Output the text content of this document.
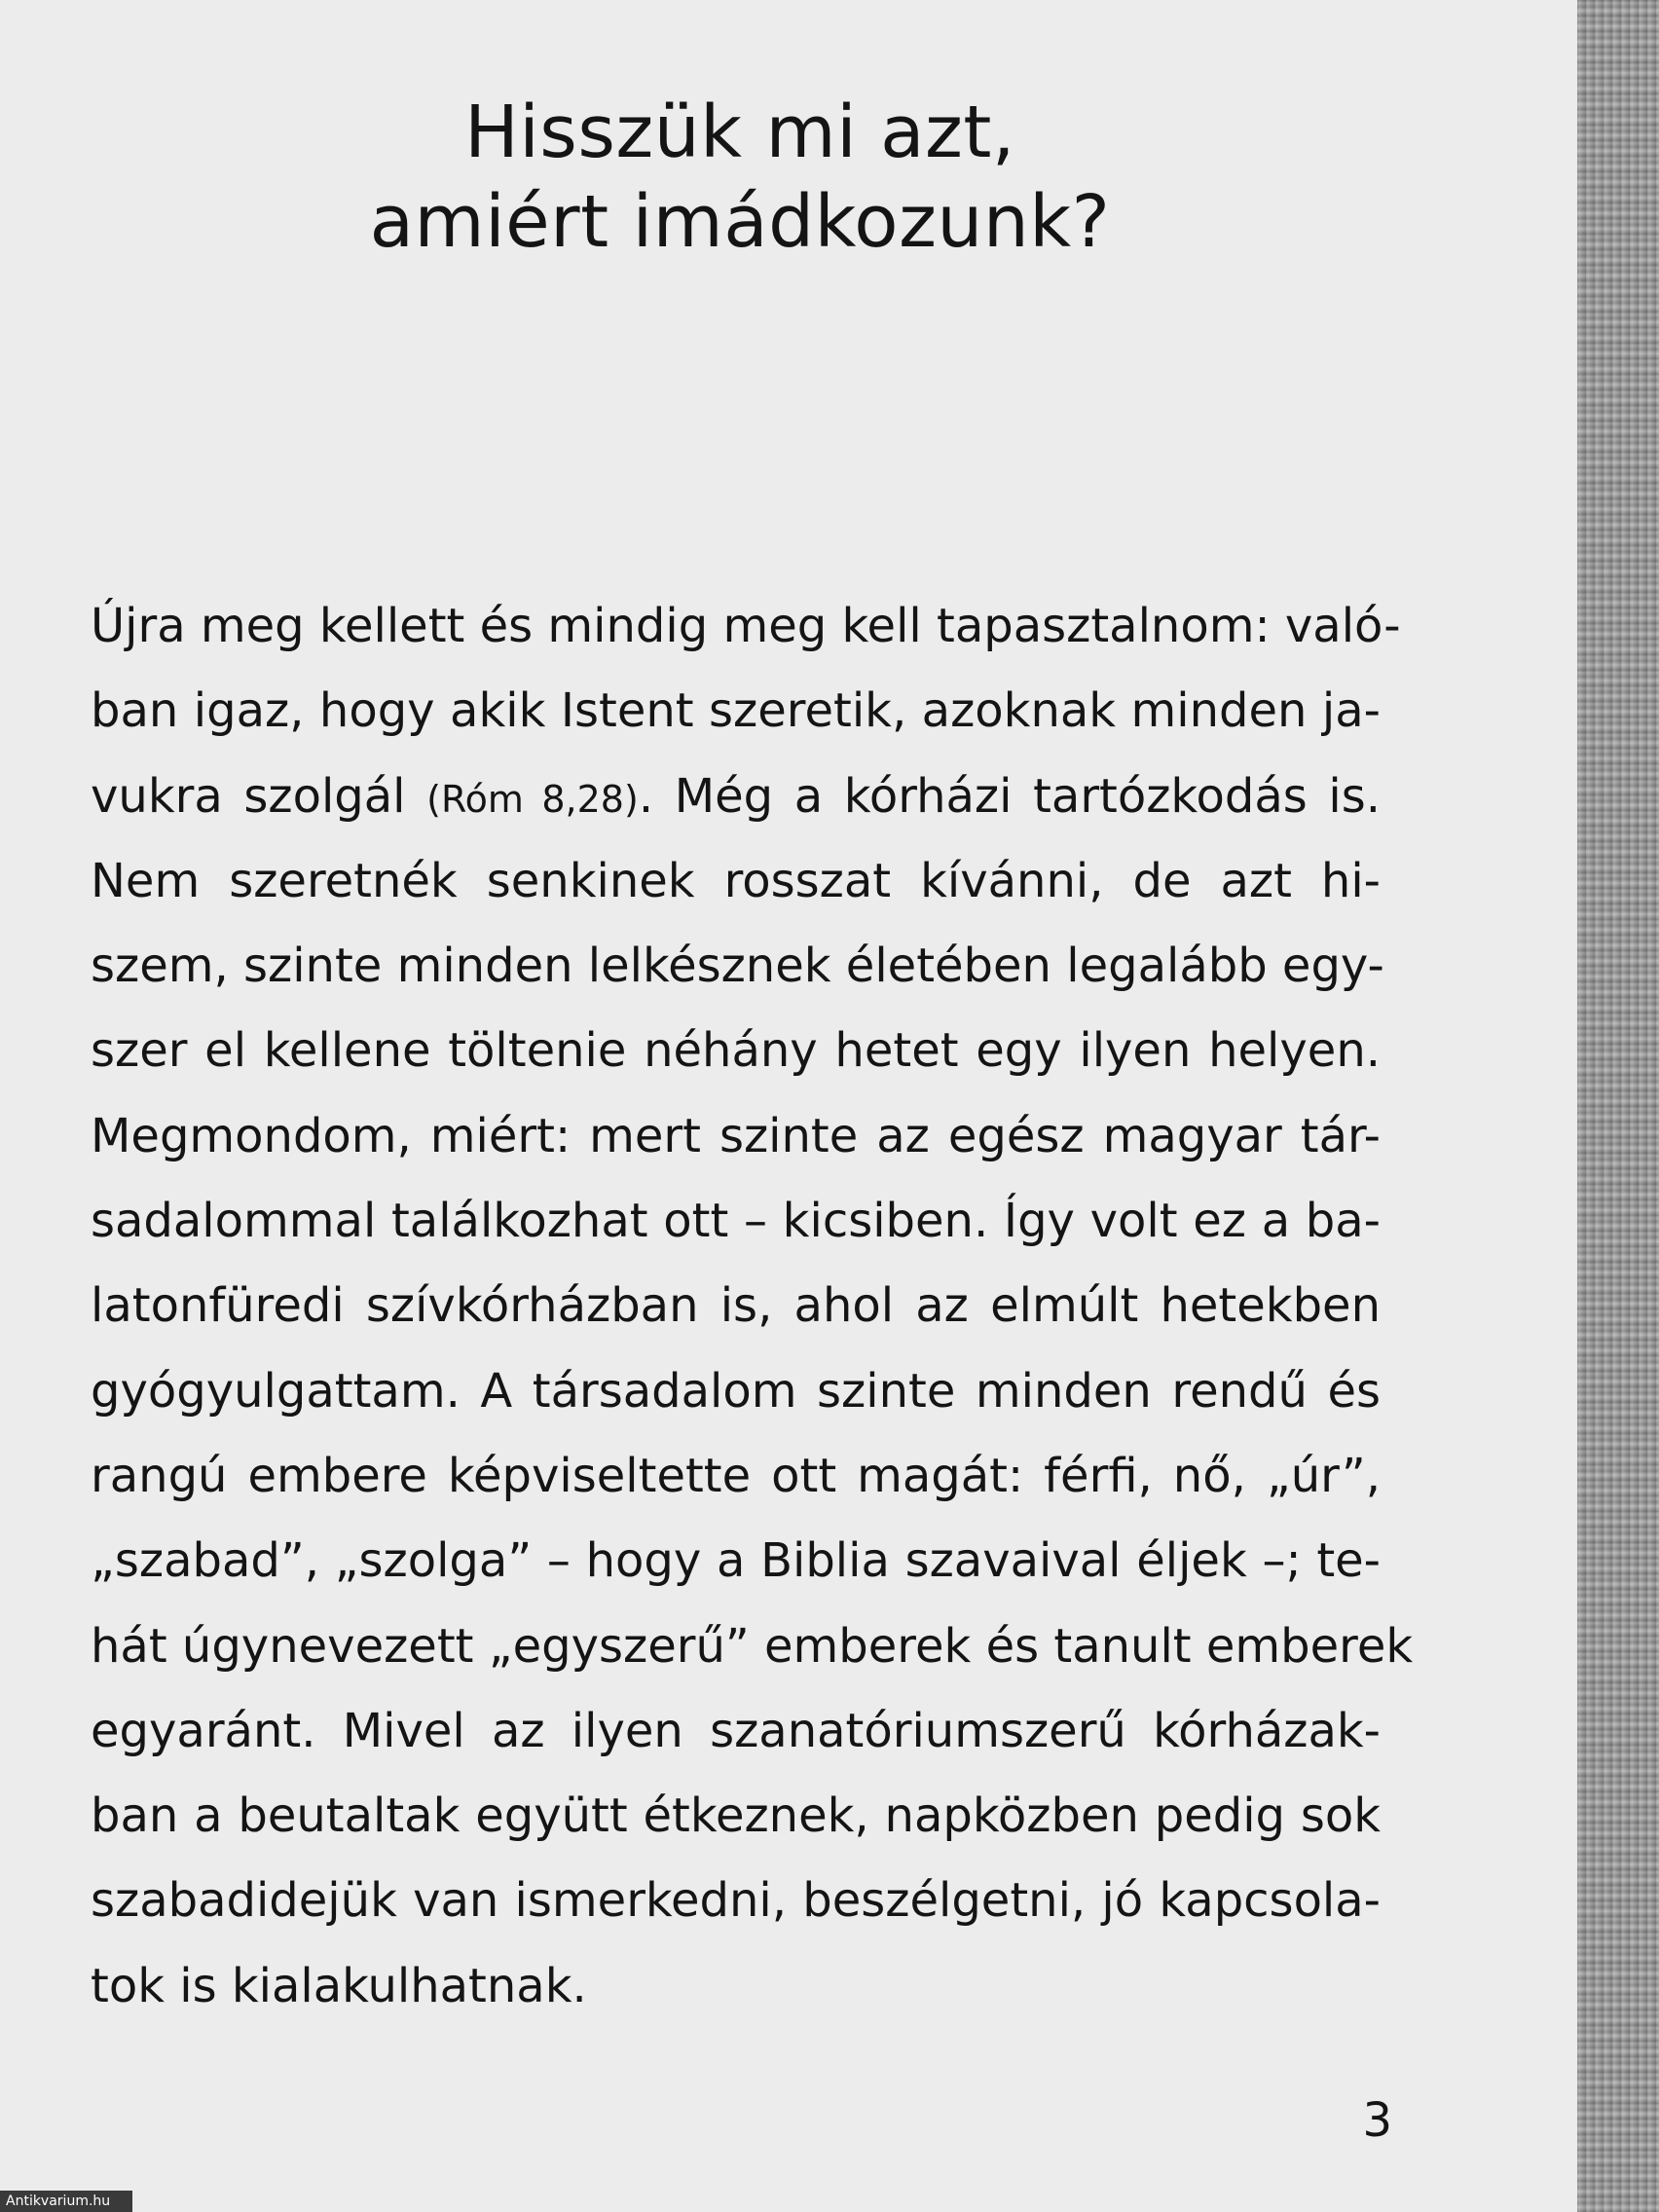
Hisszük mi azt,
amiért imádkozunk?

Újra meg kellett és mindig meg kell tapasztalnom: való-
ban igaz, hogy akik Istent szeretik, azoknak minden ja-
vukra szolgál (Róm 8,28). Még a kórházi tartózkodás is.
Nem szeretnék senkinek rosszat kívánni, de azt hi-
szem, szinte minden lelkésznek életében legalább egy-
szer el kellene töltenie néhány hetet egy ilyen helyen.
Megmondom, miért: mert szinte az egész magyar tár-
sadalommal találkozhat ott – kicsiben. Így volt ez a ba-
latonfüredi szívkórházban is, ahol az elmúlt hetekben
gyógyulgattam. A társadalom szinte minden rendű és
rangú embere képviseltette ott magát: férfi, nő, „úr”,
„szabad”, „szolga” – hogy a Biblia szavaival éljek –; te-
hát úgynevezett „egyszerű” emberek és tanult emberek
egyaránt. Mivel az ilyen szanatóriumszerű kórházak-
ban a beutaltak együtt étkeznek, napközben pedig sok
szabadidejük van ismerkedni, beszélgetni, jó kapcsola-
tok is kialakulhatnak.

3
Antikvarium.hu
